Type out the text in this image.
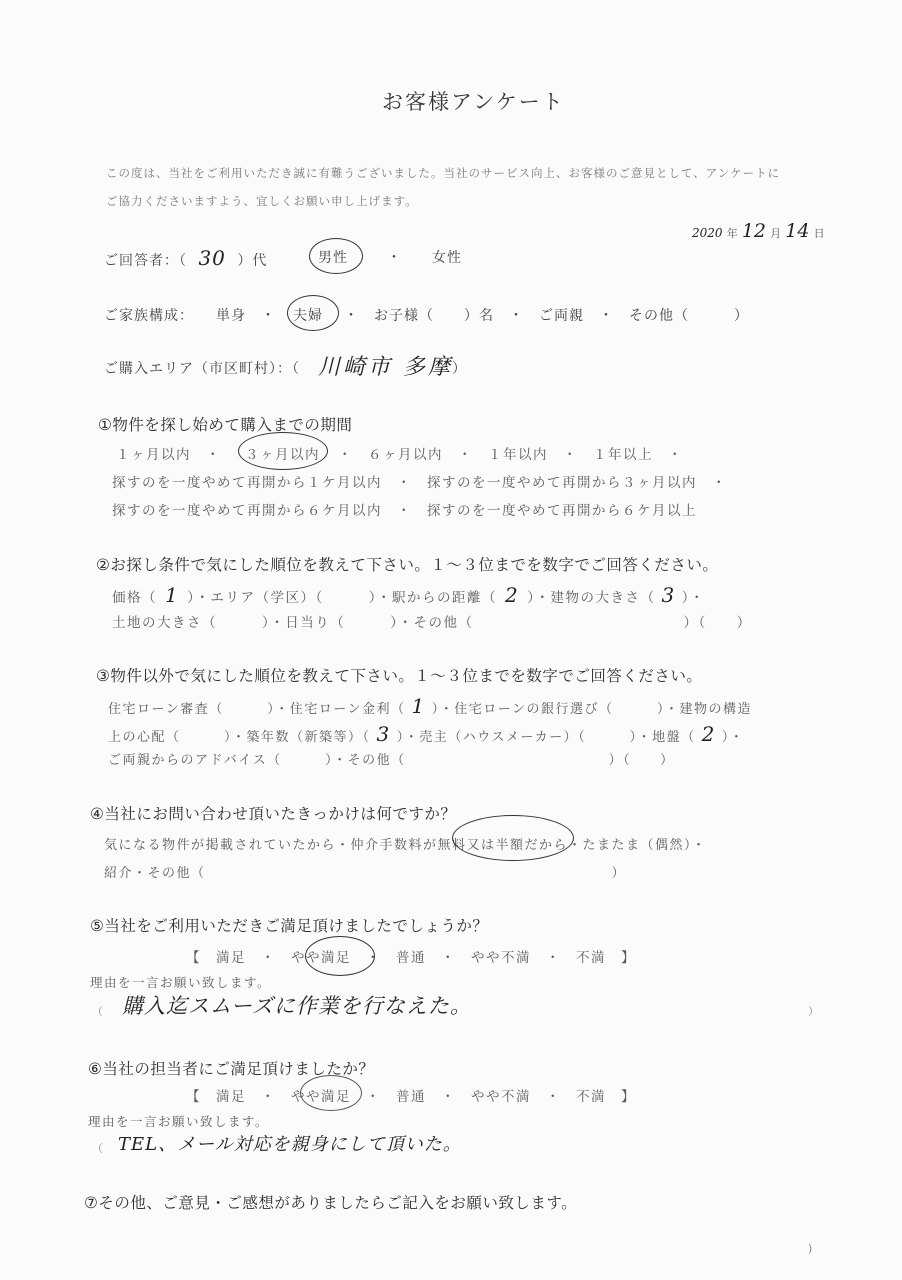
お客様アンケート
この度は、当社をご利用いただき誠に有難うございました。当社のサービス向上、お客様のご意見として、アンケートに
ご協力くださいますよう、宜しくお願い申し上げます。
2020 年 12 月 14 日
ご回答者：（ 30 ）代	男性	・ 女性
ご家族構成： 単身　・ 夫婦 ・　お子様（　　）名　・　ご両親　・　その他（　　　）
ご購入エリア（市区町村）：（ 川崎市 多摩 ）
①物件を探し始めて購入までの期間
１ヶ月以内　・ ３ヶ月以内 ・　６ヶ月以内　・　１年以内　・　１年以上　・
探すのを一度やめて再開から１ケ月以内　・　探すのを一度やめて再開から３ヶ月以内　・
探すのを一度やめて再開から６ケ月以内　・　探すのを一度やめて再開から６ケ月以上
②お探し条件で気にした順位を教えて下さい。１～３位までを数字でご回答ください。
価格（ 1 ）・エリア（学区）（　　　）・駅からの距離（ 2 ）・建物の大きさ（ 3 ）・
土地の大きさ（　　　）・日当り（　　　）・その他（　　　　　　　　　　　　　　）（　　）
③物件以外で気にした順位を教えて下さい。１～３位までを数字でご回答ください。
住宅ローン審査（　　　）・住宅ローン金利（ 1 ）・住宅ローンの銀行選び（　　　）・建物の構造
上の心配（　　　）・築年数（新築等）（ 3 ）・売主（ハウスメーカー）（　　　）・地盤（ 2 ）・
ご両親からのアドバイス（　　　）・その他（　　　　　　　　　　　　　　）（　　）
④当社にお問い合わせ頂いたきっかけは何ですか？
気になる物件が掲載されていたから・仲介手数料が無料又は半額だから・たまたま（偶然）・
紹介・その他（　　　　　　　　　　　　　　　　　　　　　　　　　　　　）
⑤当社をご利用いただきご満足頂けましたでしょうか？
【　満足　・　やや満足　・　普通　・　やや不満　・　不満　】
理由を一言お願い致します。
（ 購入迄スムーズに作業を行なえた。	）
⑥当社の担当者にご満足頂けましたか？
【　満足　・　やや満足　・　普通　・　やや不満　・　不満　】
理由を一言お願い致します。
（ TEL、メール対応を親身にして頂いた。
⑦その他、ご意見・ご感想がありましたらご記入をお願い致します。
)
